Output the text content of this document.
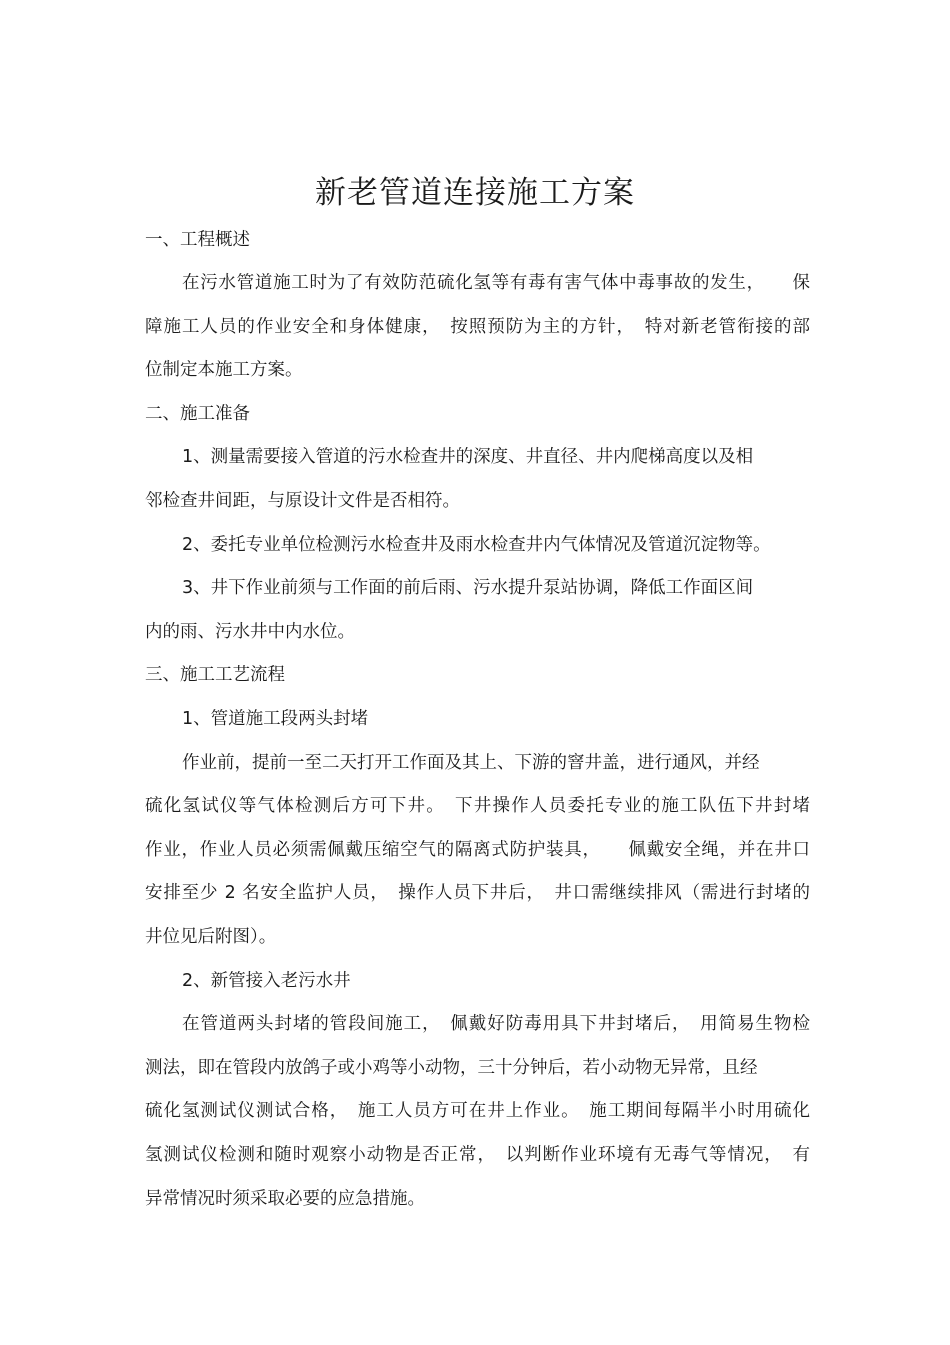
新老管道连接施工方案
一、工程概述
在污水管道施工时为了有效防范硫化氢等有毒有害气体中毒事故的发生，　　保
障施工人员的作业安全和身体健康，　按照预防为主的方针，　特对新老管衔接的部
位制定本施工方案。
二、施工准备
1、测量需要接入管道的污水检查井的深度、井直径、井内爬梯高度以及相
邻检查井间距，与原设计文件是否相符。
2、委托专业单位检测污水检查井及雨水检查井内气体情况及管道沉淀物等。
3、井下作业前须与工作面的前后雨、污水提升泵站协调，降低工作面区间
内的雨、污水井中内水位。
三、施工工艺流程
1、管道施工段两头封堵
作业前，提前一至二天打开工作面及其上、下游的窨井盖，进行通风，并经
硫化氢试仪等气体检测后方可下井。　下井操作人员委托专业的施工队伍下井封堵
作业，作业人员必须需佩戴压缩空气的隔离式防护装具，　　佩戴安全绳，并在井口
安排至少 2 名安全监护人员，　操作人员下井后，　井口需继续排风（需进行封堵的
井位见后附图）。
2、新管接入老污水井
在管道两头封堵的管段间施工，　佩戴好防毒用具下井封堵后，　用简易生物检
测法，即在管段内放鸽子或小鸡等小动物，三十分钟后，若小动物无异常，且经
硫化氢测试仪测试合格，　施工人员方可在井上作业。　施工期间每隔半小时用硫化
氢测试仪检测和随时观察小动物是否正常，　以判断作业环境有无毒气等情况，　有
异常情况时须采取必要的应急措施。
